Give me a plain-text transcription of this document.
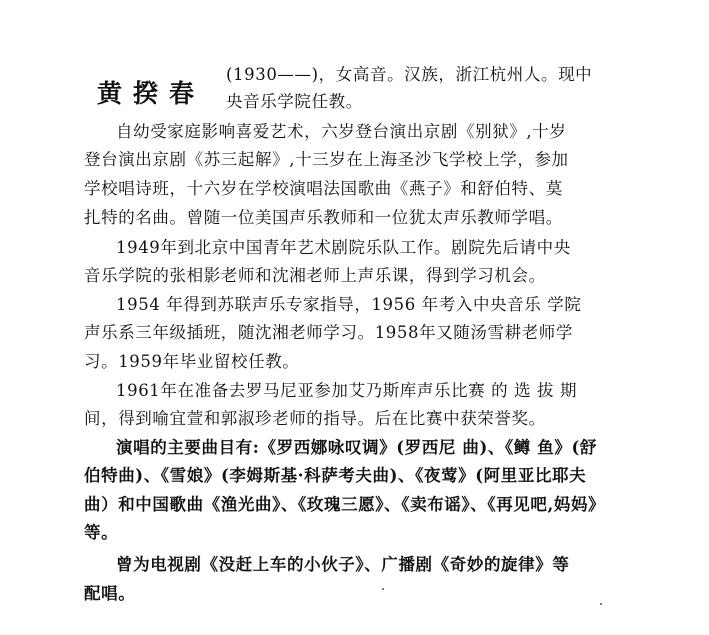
黄揆春
(1930——)，女高音。汉族，浙江杭州人。现中
央音乐学院任教。
自幼受家庭影响喜爱艺术，六岁登台演出京剧《别狱》,十岁
登台演出京剧《苏三起解》,十三岁在上海圣沙飞学校上学，参加
学校唱诗班，十六岁在学校演唱法国歌曲《燕子》和舒伯特、莫
扎特的名曲。曾随一位美国声乐教师和一位犹太声乐教师学唱。
1949年到北京中国青年艺术剧院乐队工作。剧院先后请中央
音乐学院的张相影老师和沈湘老师上声乐课，得到学习机会。
1954 年得到苏联声乐专家指导，1956 年考入中央音乐 学院
声乐系三年级插班，随沈湘老师学习。1958年又随汤雪耕老师学
习。1959年毕业留校任教。
1961年在准备去罗马尼亚参加艾乃斯库声乐比赛 的 选 拔 期
间，得到喻宜萱和郭淑珍老师的指导。后在比赛中获荣誉奖。
演唱的主要曲目有:《罗西娜咏叹调》(罗西尼 曲)、《鳟 鱼》(舒
伯特曲)、《雪娘》(李姆斯基·科萨考夫曲)、《夜莺》(阿里亚比耶夫
曲）和中国歌曲《渔光曲》、《玫瑰三愿》、《卖布谣》、《再见吧,妈妈》
等。
曾为电视剧《没赶上车的小伙子》、广播剧《奇妙的旋律》等
配唱。
